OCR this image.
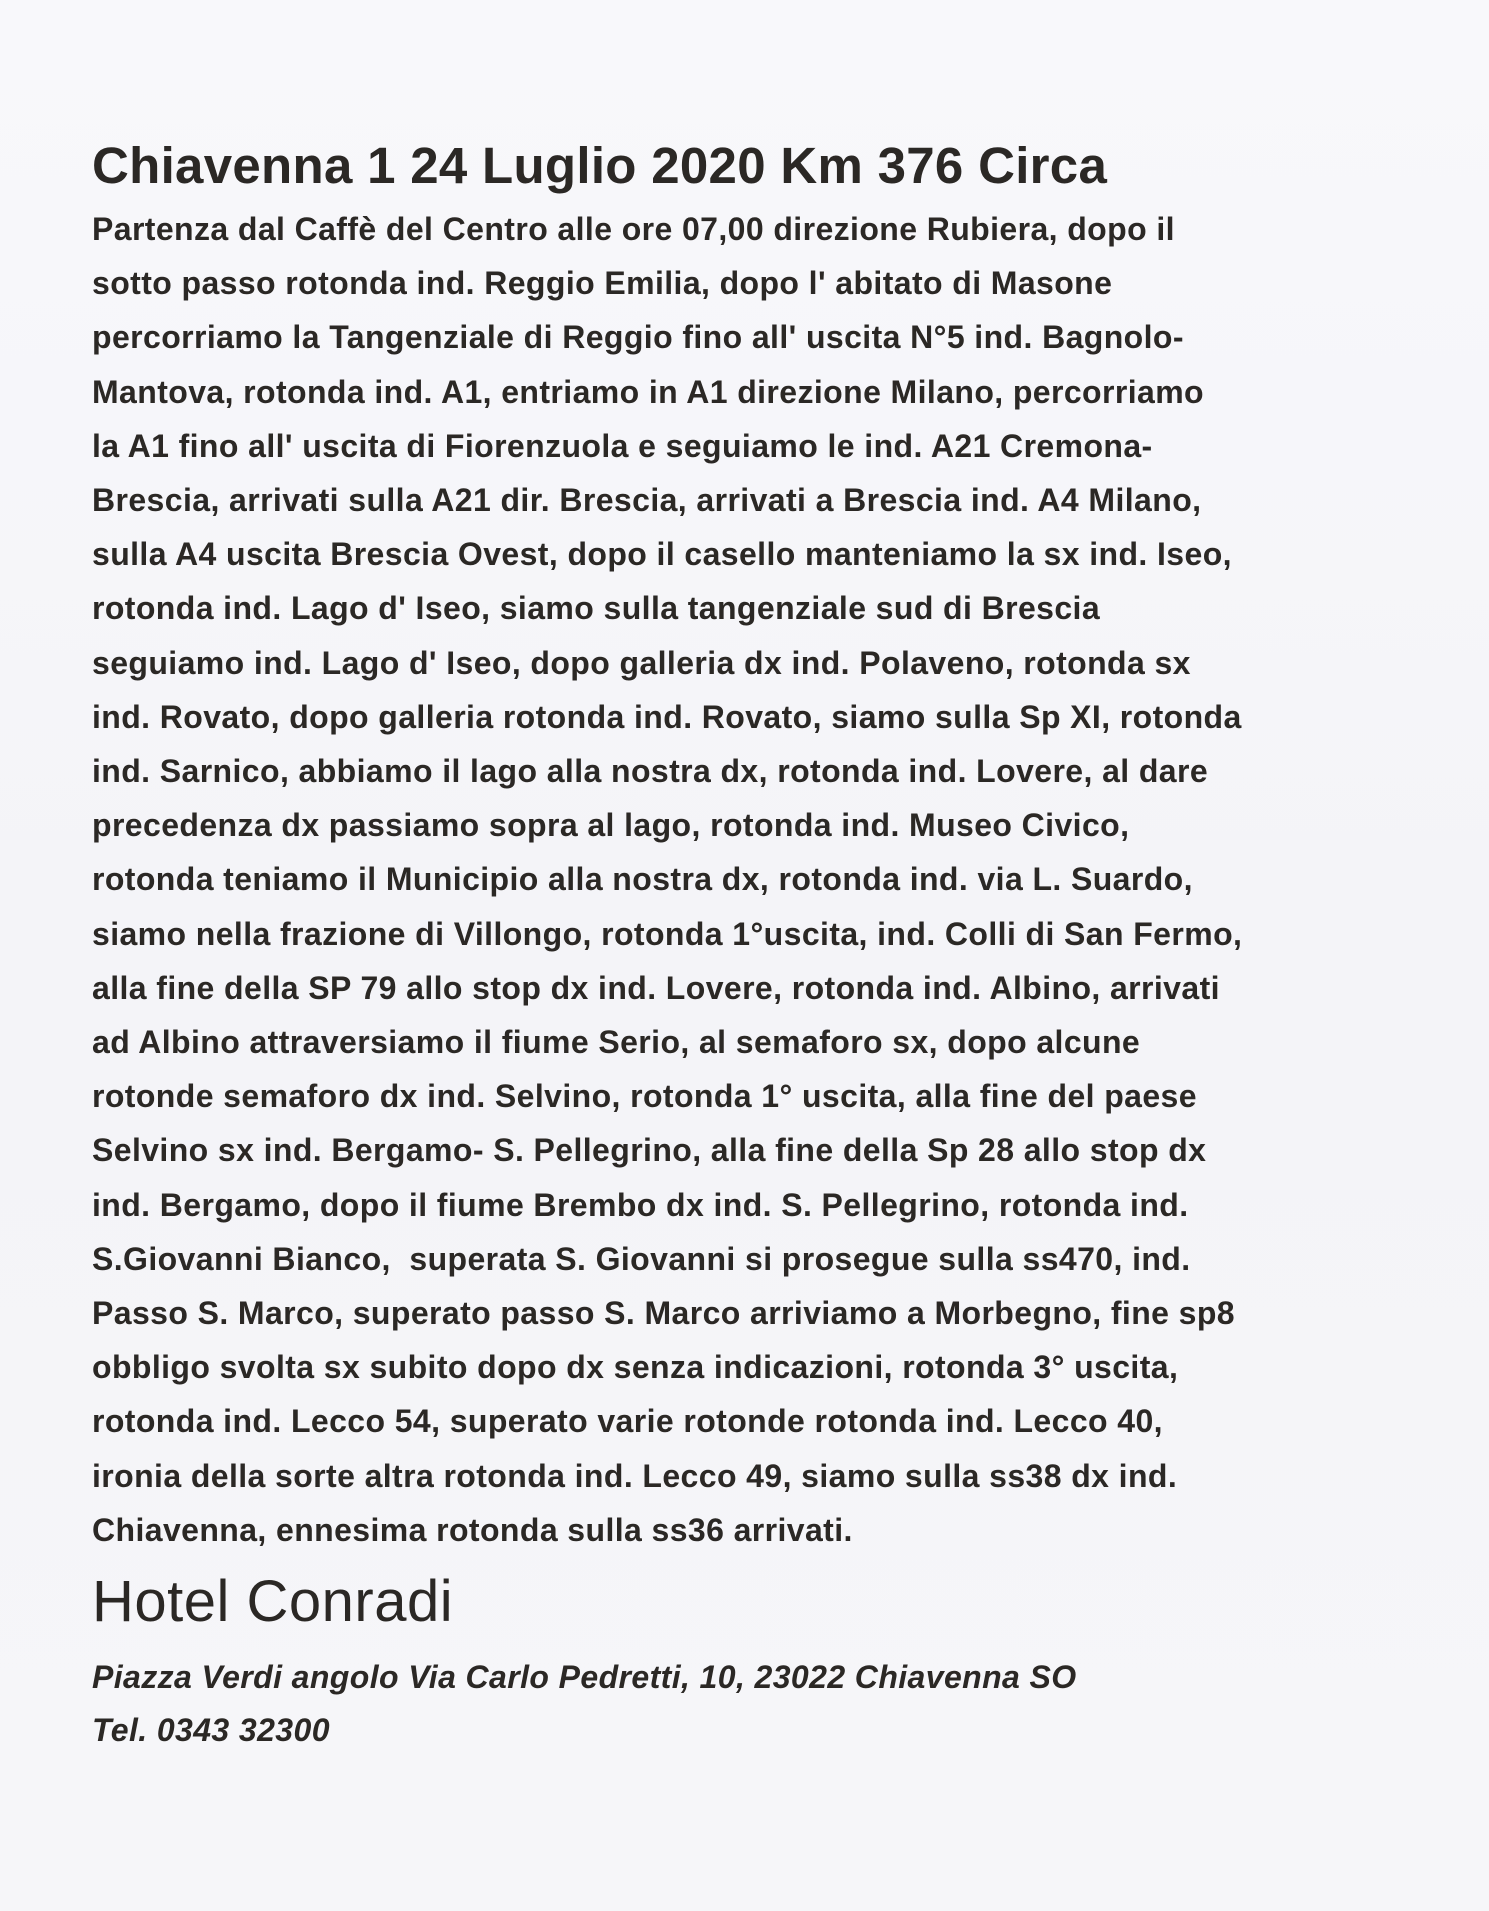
Chiavenna 1 24 Luglio 2020 Km 376 Circa
Partenza dal Caffè del Centro alle ore 07,00 direzione Rubiera, dopo il
sotto passo rotonda ind. Reggio Emilia, dopo l' abitato di Masone
percorriamo la Tangenziale di Reggio fino all' uscita N°5 ind. Bagnolo-
Mantova, rotonda ind. A1, entriamo in A1 direzione Milano, percorriamo
la A1 fino all' uscita di Fiorenzuola e seguiamo le ind. A21 Cremona-
Brescia, arrivati sulla A21 dir. Brescia, arrivati a Brescia ind. A4 Milano,
sulla A4 uscita Brescia Ovest, dopo il casello manteniamo la sx ind. Iseo,
rotonda ind. Lago d' Iseo, siamo sulla tangenziale sud di Brescia
seguiamo ind. Lago d' Iseo, dopo galleria dx ind. Polaveno, rotonda sx
ind. Rovato, dopo galleria rotonda ind. Rovato, siamo sulla Sp XI, rotonda
ind. Sarnico, abbiamo il lago alla nostra dx, rotonda ind. Lovere, al dare
precedenza dx passiamo sopra al lago, rotonda ind. Museo Civico,
rotonda teniamo il Municipio alla nostra dx, rotonda ind. via L. Suardo,
siamo nella frazione di Villongo, rotonda 1°uscita, ind. Colli di San Fermo,
alla fine della SP 79 allo stop dx ind. Lovere, rotonda ind. Albino, arrivati
ad Albino attraversiamo il fiume Serio, al semaforo sx, dopo alcune
rotonde semaforo dx ind. Selvino, rotonda 1° uscita, alla fine del paese
Selvino sx ind. Bergamo- S. Pellegrino, alla fine della Sp 28 allo stop dx
ind. Bergamo, dopo il fiume Brembo dx ind. S. Pellegrino, rotonda ind.
S.Giovanni Bianco,  superata S. Giovanni si prosegue sulla ss470, ind.
Passo S. Marco, superato passo S. Marco arriviamo a Morbegno, fine sp8
obbligo svolta sx subito dopo dx senza indicazioni, rotonda 3° uscita,
rotonda ind. Lecco 54, superato varie rotonde rotonda ind. Lecco 40,
ironia della sorte altra rotonda ind. Lecco 49, siamo sulla ss38 dx ind.
Chiavenna, ennesima rotonda sulla ss36 arrivati.
Hotel Conradi
Piazza Verdi angolo Via Carlo Pedretti, 10, 23022 Chiavenna SO
Tel. 0343 32300
